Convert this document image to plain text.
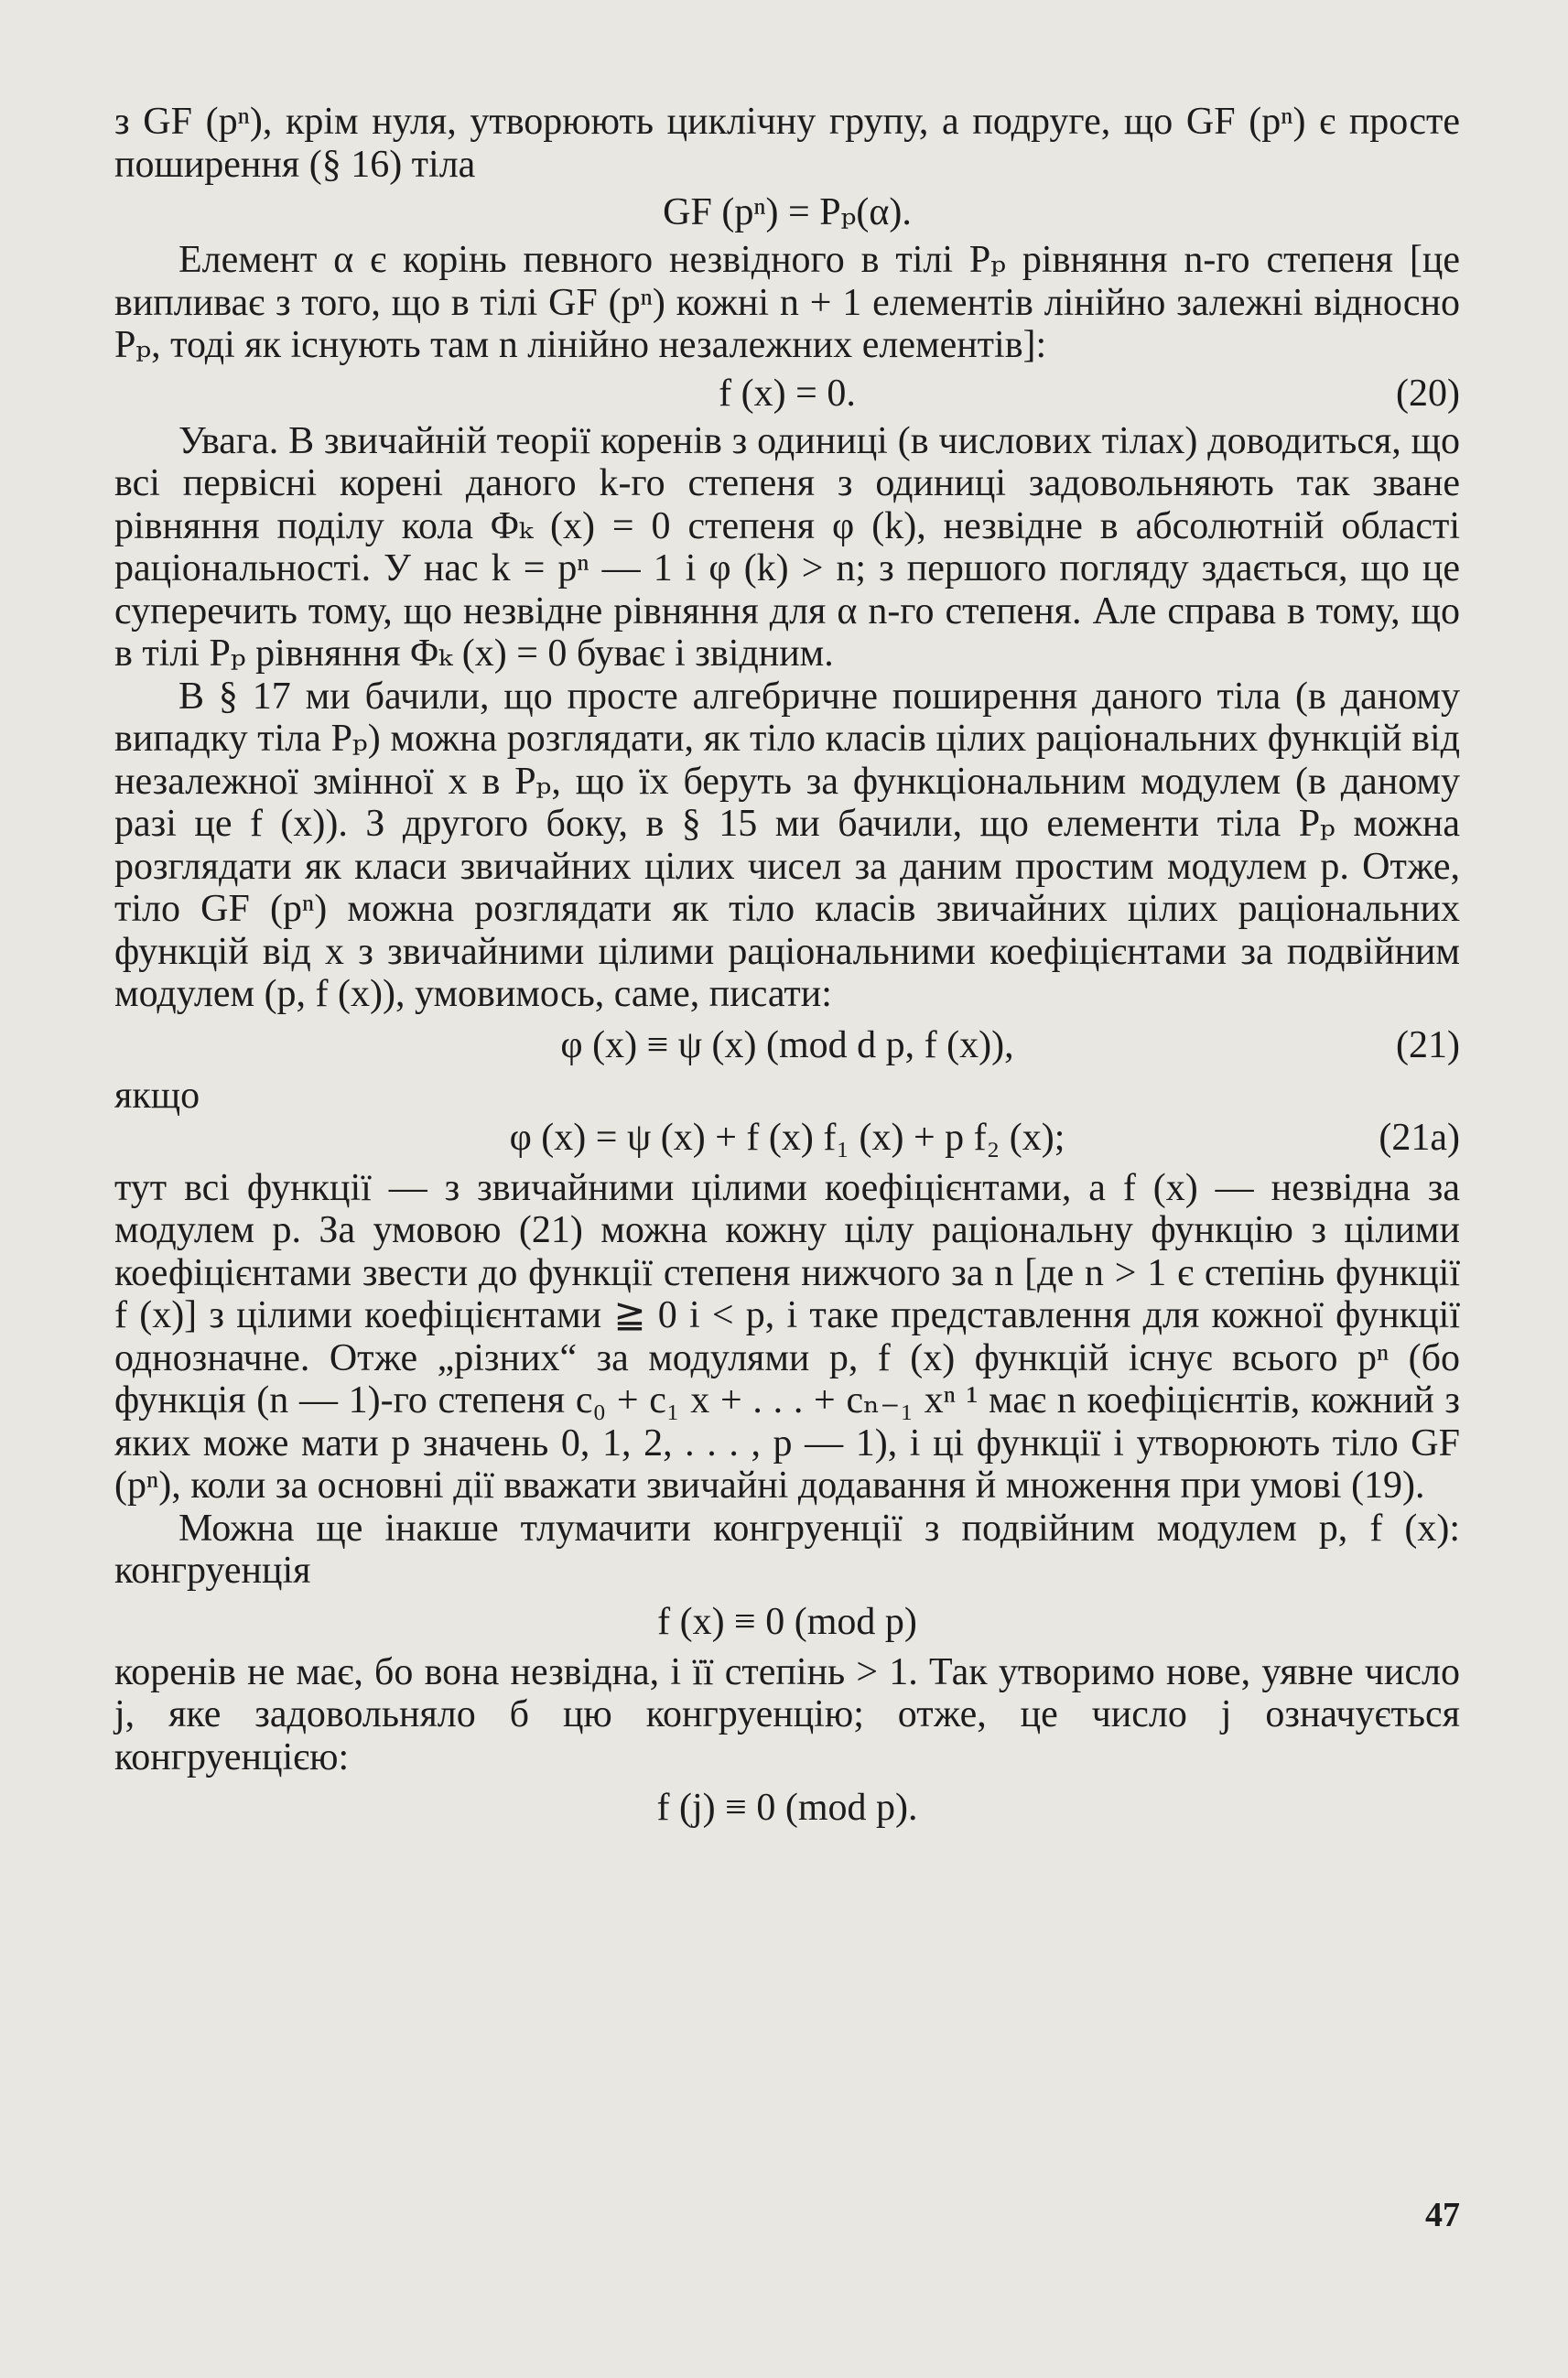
з GF (pⁿ), крім нуля, утворюють циклічну групу, а подруге, що GF (pⁿ) є просте поширення (§ 16) тіла

GF (pⁿ) = Pₚ(α).

Елемент α є корінь певного незвідного в тілі Pₚ рівняння n-го степеня [це випливає з того, що в тілі GF (pⁿ) кожні n + 1 елементів лінійно залежні відносно Pₚ, тоді як існують там n лінійно незалежних елементів]:

f (x) = 0.	(20)

Увага. В звичайній теорії коренів з одиниці (в числових тілах) доводиться, що всі первісні корені даного k-го степеня з одиниці задовольняють так зване рівняння поділу кола Φₖ (x) = 0 степеня φ (k), незвідне в абсолютній області раціональності. У нас k = pⁿ — 1 і φ (k) > n; з першого погляду здається, що це суперечить тому, що незвідне рівняння для α n-го степеня. Але справа в тому, що в тілі Pₚ рівняння Φₖ (x) = 0 буває і звідним.

В § 17 ми бачили, що просте алгебричне поширення даного тіла (в даному випадку тіла Pₚ) можна розглядати, як тіло класів цілих раціональних функцій від незалежної змінної x в Pₚ, що їх беруть за функціональним модулем (в даному разі це f (x)). З другого боку, в § 15 ми бачили, що елементи тіла Pₚ можна розглядати як класи звичайних цілих чисел за даним простим модулем p. Отже, тіло GF (pⁿ) можна розглядати як тіло класів звичайних цілих раціональних функцій від x з звичайними цілими раціональними коефіцієнтами за подвійним модулем (p, f (x)), умовимось, саме, писати:

φ (x) ≡ ψ (x) (mod d p, f (x)),	(21)

якщо

φ (x) = ψ (x) + f (x) f₁ (x) + p f₂ (x);	(21a)

тут всі функції — з звичайними цілими коефіцієнтами, а f (x) — незвідна за модулем p. За умовою (21) можна кожну цілу раціональну функцію з цілими коефіцієнтами звести до функції степеня нижчого за n [де n > 1 є степінь функції f (x)] з цілими коефіцієнтами ≧ 0 і < p, і таке представлення для кожної функції однозначне. Отже „різних“ за модулями p, f (x) функцій існує всього pⁿ (бо функція (n — 1)-го степеня c₀ + c₁ x + . . . + cₙ₋₁ xⁿ ¹ має n коефіцієнтів, кожний з яких може мати p значень 0, 1, 2, . . . , p — 1), і ці функції і утворюють тіло GF (pⁿ), коли за основні дії вважати звичайні додавання й множення при умові (19).

Можна ще інакше тлумачити конгруенції з подвійним модулем p, f (x): конгруенція

f (x) ≡ 0 (mod p)

коренів не має, бо вона незвідна, і її степінь > 1. Так утворимо нове, уявне число j, яке задовольняло б цю конгруенцію; отже, це число j означується конгруенцією:

f (j) ≡ 0 (mod p).
47
